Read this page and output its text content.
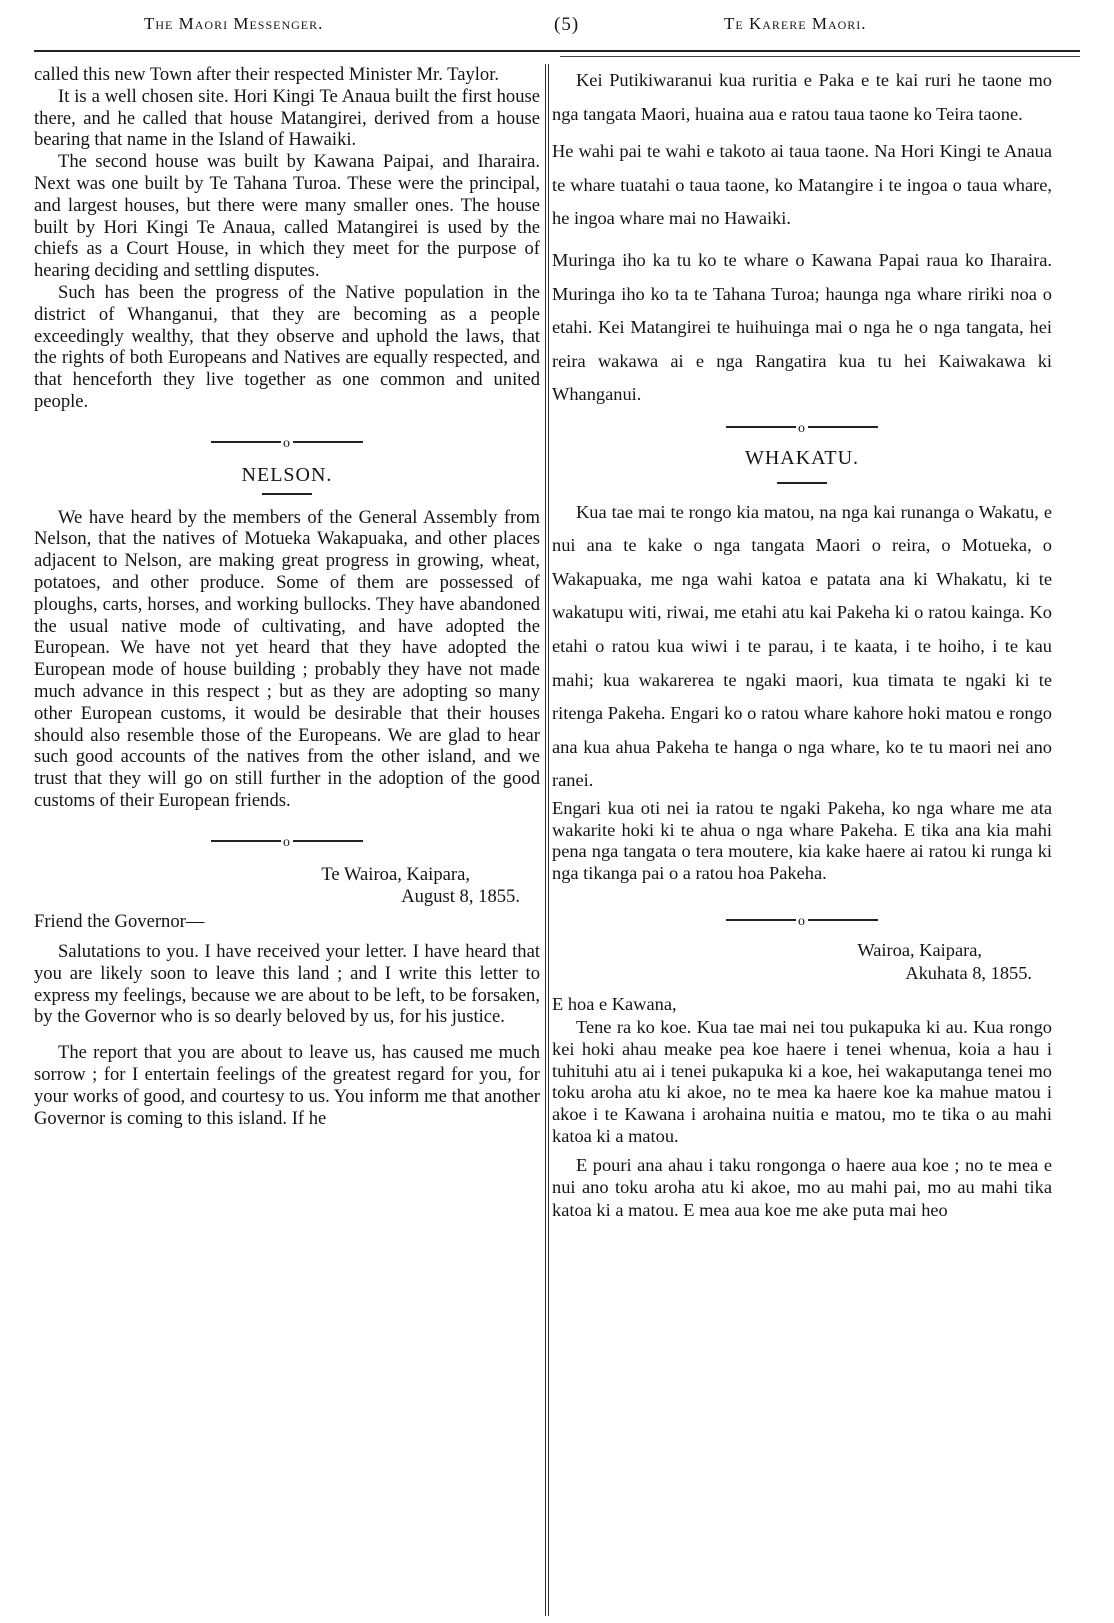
The Maori Messenger.	(5)	Te Karere Maori.

called this new Town after their respected Minister Mr. Taylor.

It is a well chosen site. Hori Kingi Te Anaua built the first house there, and he called that house Matangirei, derived from a house bearing that name in the Island of Hawaiki.

The second house was built by Kawana Paipai, and Iharaira. Next was one built by Te Tahana Turoa. These were the principal, and largest houses, but there were many smaller ones. The house built by Hori Kingi Te Anaua, called Matangirei is used by the chiefs as a Court House, in which they meet for the purpose of hearing deciding and settling disputes.

Such has been the progress of the Native population in the district of Whanganui, that they are becoming as a people exceedingly wealthy, that they observe and uphold the laws, that the rights of both Europeans and Natives are equally respected, and that henceforth they live together as one common and united people.

o
NELSON.

We have heard by the members of the General Assembly from Nelson, that the natives of Motueka Wakapuaka, and other places adjacent to Nelson, are making great progress in growing, wheat, potatoes, and other produce. Some of them are possessed of ploughs, carts, horses, and working bullocks. They have abandoned the usual native mode of cultivating, and have adopted the European. We have not yet heard that they have adopted the European mode of house building ; probably they have not made much advance in this respect ; but as they are adopting so many other European customs, it would be desirable that their houses should also resemble those of the Europeans. We are glad to hear such good accounts of the natives from the other island, and we trust that they will go on still further in the adoption of the good customs of their European friends.

o
Te Wairoa, Kaipara,
August 8, 1855.

Friend the Governor—

Salutations to you. I have received your letter. I have heard that you are likely soon to leave this land ; and I write this letter to express my feelings, because we are about to be left, to be forsaken, by the Governor who is so dearly beloved by us, for his justice.

The report that you are about to leave us, has caused me much sorrow ; for I entertain feelings of the greatest regard for you, for your works of good, and courtesy to us. You inform me that another Governor is coming to this island. If he

Kei Putikiwaranui kua ruritia e Paka e te kai ruri he taone mo nga tangata Maori, huaina aua e ratou taua taone ko Teira taone.

He wahi pai te wahi e takoto ai taua taone. Na Hori Kingi te Anaua te whare tuatahi o taua taone, ko Matangire i te ingoa o taua whare, he ingoa whare mai no Hawaiki.

Muringa iho ka tu ko te whare o Kawana Papai raua ko Iharaira. Muringa iho ko ta te Tahana Turoa; haunga nga whare ririki noa o etahi. Kei Matangirei te huihuinga mai o nga he o nga tangata, hei reira wakawa ai e nga Rangatira kua tu hei Kaiwakawa ki Whanganui.

o
WHAKATU.

Kua tae mai te rongo kia matou, na nga kai runanga o Wakatu, e nui ana te kake o nga tangata Maori o reira, o Motueka, o Wakapuaka, me nga wahi katoa e patata ana ki Whakatu, ki te wakatupu witi, riwai, me etahi atu kai Pakeha ki o ratou kainga. Ko etahi o ratou kua wiwi i te parau, i te kaata, i te hoiho, i te kau mahi; kua wakarerea te ngaki maori, kua timata te ngaki ki te ritenga Pakeha. Engari ko o ratou whare kahore hoki matou e rongo ana kua ahua Pakeha te hanga o nga whare, ko te tu maori nei ano ranei.

Engari kua oti nei ia ratou te ngaki Pakeha, ko nga whare me ata wakarite hoki ki te ahua o nga whare Pakeha. E tika ana kia mahi pena nga tangata o tera moutere, kia kake haere ai ratou ki runga ki nga tikanga pai o a ratou hoa Pakeha.

o
Wairoa, Kaipara,
Akuhata 8, 1855.

E hoa e Kawana,

Tene ra ko koe. Kua tae mai nei tou pukapuka ki au. Kua rongo kei hoki ahau meake pea koe haere i tenei whenua, koia a hau i tuhituhi atu ai i tenei pukapuka ki a koe, hei wakaputanga tenei mo toku aroha atu ki akoe, no te mea ka haere koe ka mahue matou i akoe i te Kawana i arohaina nuitia e matou, mo te tika o au mahi katoa ki a matou.

E pouri ana ahau i taku rongonga o haere aua koe ; no te mea e nui ano toku aroha atu ki akoe, mo au mahi pai, mo au mahi tika katoa ki a matou. E mea aua koe me ake puta mai heo
